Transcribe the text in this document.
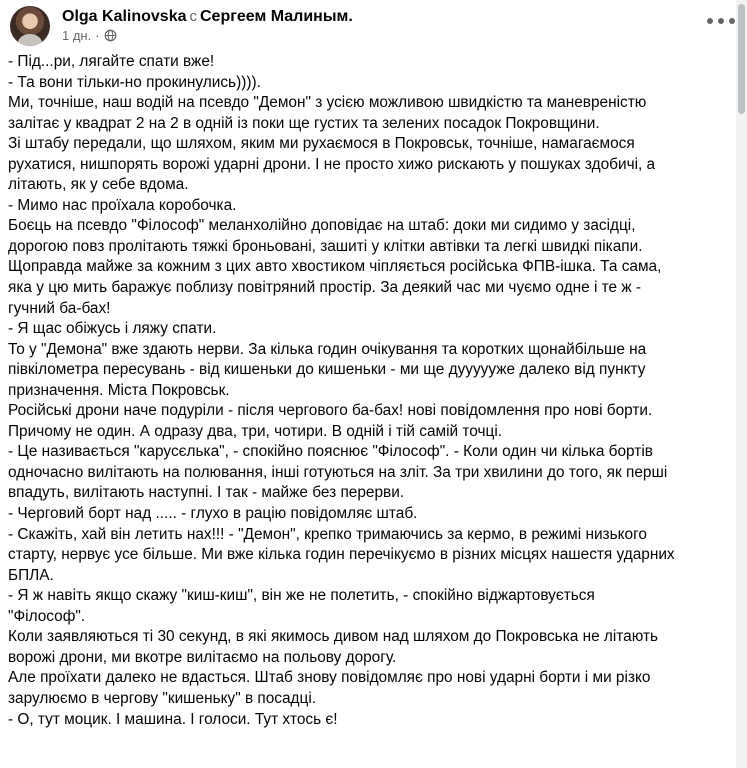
Olga Kalinovska с Сергеем Малиным.
1 дн. ·

- Під...ри, лягайте спати вже!

- Та вони тільки-но прокинулись)))).

Ми, точніше, наш водій на псевдо "Демон" з усією можливою швидкістю та маневреністю

залітає у квадрат 2 на 2 в одній із поки ще густих та зелених посадок Покровщини.

Зі штабу передали, що шляхом, яким ми рухаємося в Покровськ, точніше, намагаємося

рухатися, нишпорять ворожі ударні дрони. І не просто хижо рискають у пошуках здобичі, а

літають, як у себе вдома.

- Мимо нас проїхала коробочка.

Боєць на псевдо "Філософ" меланхолійно доповідає на штаб: доки ми сидимо у засідці,

дорогою повз пролітають тяжкі броньовані, зашиті у клітки автівки та легкі швидкі пікапи.

Щоправда майже за кожним з цих авто хвостиком чіпляється російська ФПВ-ішка. Та сама,

яка у цю мить баражує поблизу повітряний простір. За деякий час ми чуємо одне і те ж -

гучний ба-бах!

- Я щас обіжусь і ляжу спати.

То у "Демона" вже здають нерви. За кілька годин очікування та коротких щонайбільше на

півкілометра пересувань - від кишеньки до кишеньки - ми ще дуууууже далеко від пункту

призначення. Міста Покровськ.

Російські дрони наче подуріли - після чергового ба-бах! нові повідомлення про нові борти.

Причому не один. А одразу два, три, чотири. В одній і тій самій точці.

- Це називається "карусєлька", - спокійно пояснює "Філософ". - Коли один чи кілька бортів

одночасно вилітають на полювання, інші готуються на зліт. За три хвилини до того, як перші

впадуть, вилітають наступні. І так - майже без перерви.

- Черговий борт над ..... - глухо в рацію повідомляє штаб.

- Скажіть, хай він летить нах!!! - "Демон", крепко тримаючись за кермо, в режимі низького

старту, нервує усе більше. Ми вже кілька годин перечікуємо в різних місцях нашестя ударних

БПЛА.

- Я ж навіть якщо скажу "киш-киш", він же не полетить, - спокійно віджартовується

"Філософ".

Коли заявляються ті 30 секунд, в які якимось дивом над шляхом до Покровська не літають

ворожі дрони, ми вкотре вилітаємо на польову дорогу.

Але проїхати далеко не вдасться. Штаб знову повідомляє про нові ударні борти і ми різко

зарулюємо в чергову "кишеньку" в посадці.

- О, тут моцик. І машина. І голоси. Тут хтось є!
